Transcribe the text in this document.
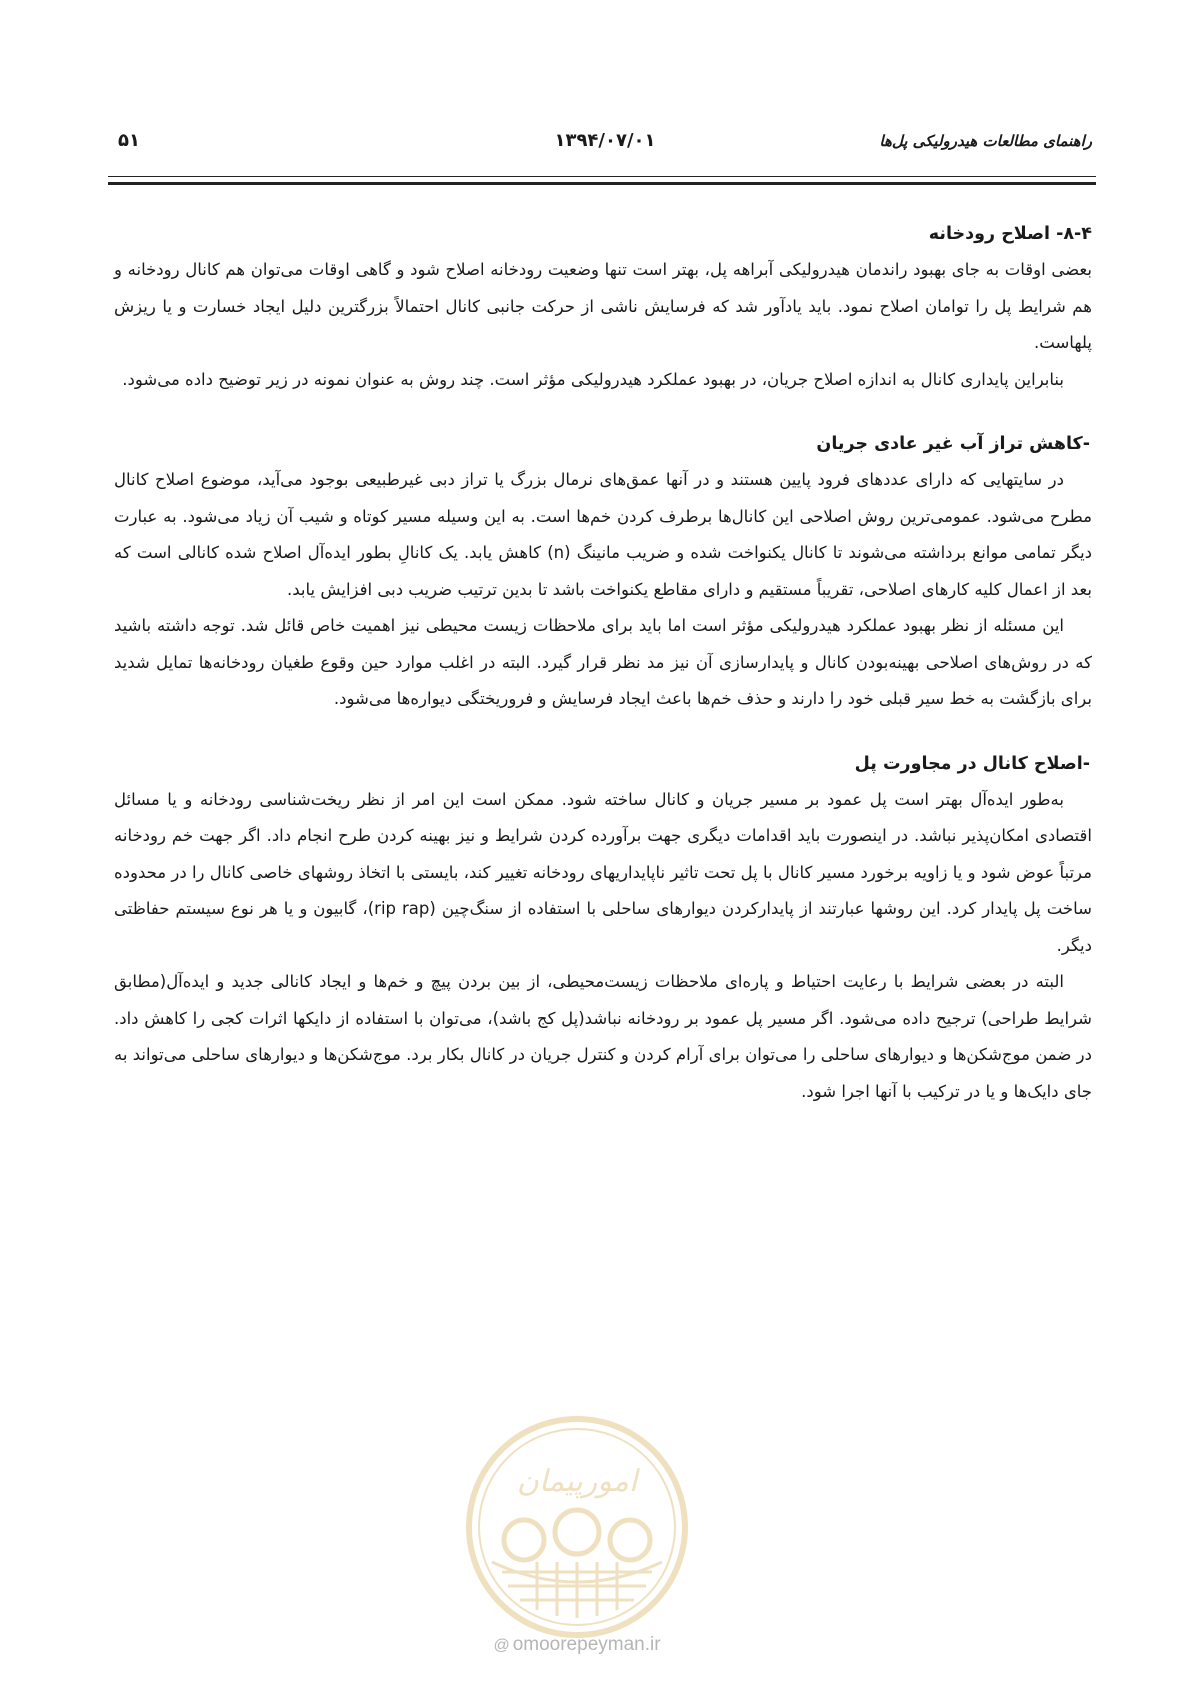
راهنمای مطالعات هیدرولیکی پل‌ها
۱۳۹۴/۰۷/۰۱
۵۱
۸-۴- اصلاح رودخانه

بعضی اوقات به جای بهبود راندمان هیدرولیکی آبراهه پل، بهتر است تنها وضعیت رودخانه اصلاح شود و گاهی اوقات می‌توان هم کانال رودخانه و هم شرایط پل را توامان اصلاح نمود. باید یادآور شد که فرسایش ناشی از حرکت جانبی کانال احتمالاً بزرگترین دلیل ایجاد خسارت و یا ریزش پلهاست.

بنابراین پایداری کانال به اندازه اصلاح جریان، در بهبود عملکرد هیدرولیکی مؤثر است. چند روش به عنوان نمونه در زیر توضیح داده می‌شود.

-کاهش تراز آب غیر عادی جریان

در سایتهایی که دارای عددهای فرود پایین هستند و در آنها عمق‌های نرمال بزرگ یا تراز دبی غیرطبیعی بوجود می‌آید، موضوع اصلاح کانال مطرح می‌شود. عمومی‌ترین روش اصلاحی این کانال‌ها برطرف کردن خم‌ها است. به این وسیله مسیر کوتاه و شیب آن زیاد می‌شود. به عبارت دیگر تمامی موانع برداشته می‌شوند تا کانال یکنواخت شده و ضریب مانینگ (n) کاهش یابد. یک کانالِ بطور ایده‌آل اصلاح شده کانالی است که بعد از اعمال کلیه کارهای اصلاحی، تقریباً مستقیم و دارای مقاطع یکنواخت باشد تا بدین ترتیب ضریب دبی افزایش یابد.

این مسئله از نظر بهبود عملکرد هیدرولیکی مؤثر است اما باید برای ملاحظات زیست محیطی نیز اهمیت خاص قائل شد. توجه داشته باشید که در روش‌های اصلاحی بهینه‌بودن کانال و پایدارسازی آن نیز مد نظر قرار گیرد. البته در اغلب موارد حین وقوع طغیان رودخانه‌ها تمایل شدید برای بازگشت به خط سیر قبلی خود را دارند و حذف خم‌ها باعث ایجاد فرسایش و فروریختگی دیواره‌ها می‌شود.

-اصلاح کانال در مجاورت پل

به‌طور ایده‌آل بهتر است پل عمود بر مسیر جریان و کانال ساخته شود. ممکن است این امر از نظر ریخت‌شناسی رودخانه و یا مسائل اقتصادی امکان‌پذیر نباشد. در اینصورت باید اقدامات دیگری جهت برآورده کردن شرایط و نیز بهینه کردن طرح انجام داد. اگر جهت خم رودخانه مرتباً عوض شود و یا زاویه برخورد مسیر کانال با پل تحت تاثیر ناپایداریهای رودخانه تغییر کند، بایستی با اتخاذ روشهای خاصی کانال را در محدوده ساخت پل پایدار کرد. این روشها عبارتند از پایدارکردن دیوارهای ساحلی با استفاده از سنگ‌چین (rip rap)، گابیون و یا هر نوع سیستم حفاظتی دیگر.

البته در بعضی شرایط با رعایت احتیاط و پاره‌ای ملاحظات زیست‌محیطی، از بین بردن پیچ و خم‌ها و ایجاد کانالی جدید و ایده‌آل(مطابق شرایط طراحی) ترجیح داده می‌شود. اگر مسیر پل عمود بر رودخانه نباشد(پل کج باشد)، می‌توان با استفاده از دایکها اثرات کجی را کاهش داد. در ضمن موج‌شکن‌ها و دیوارهای ساحلی را می‌توان برای آرام کردن و کنترل جریان در کانال بکار برد. موج‌شکن‌ها و دیوارهای ساحلی می‌تواند به جای دایک‌ها و یا در ترکیب با آنها اجرا شود.

امورپیمان
@ omoorepeyman.ir
